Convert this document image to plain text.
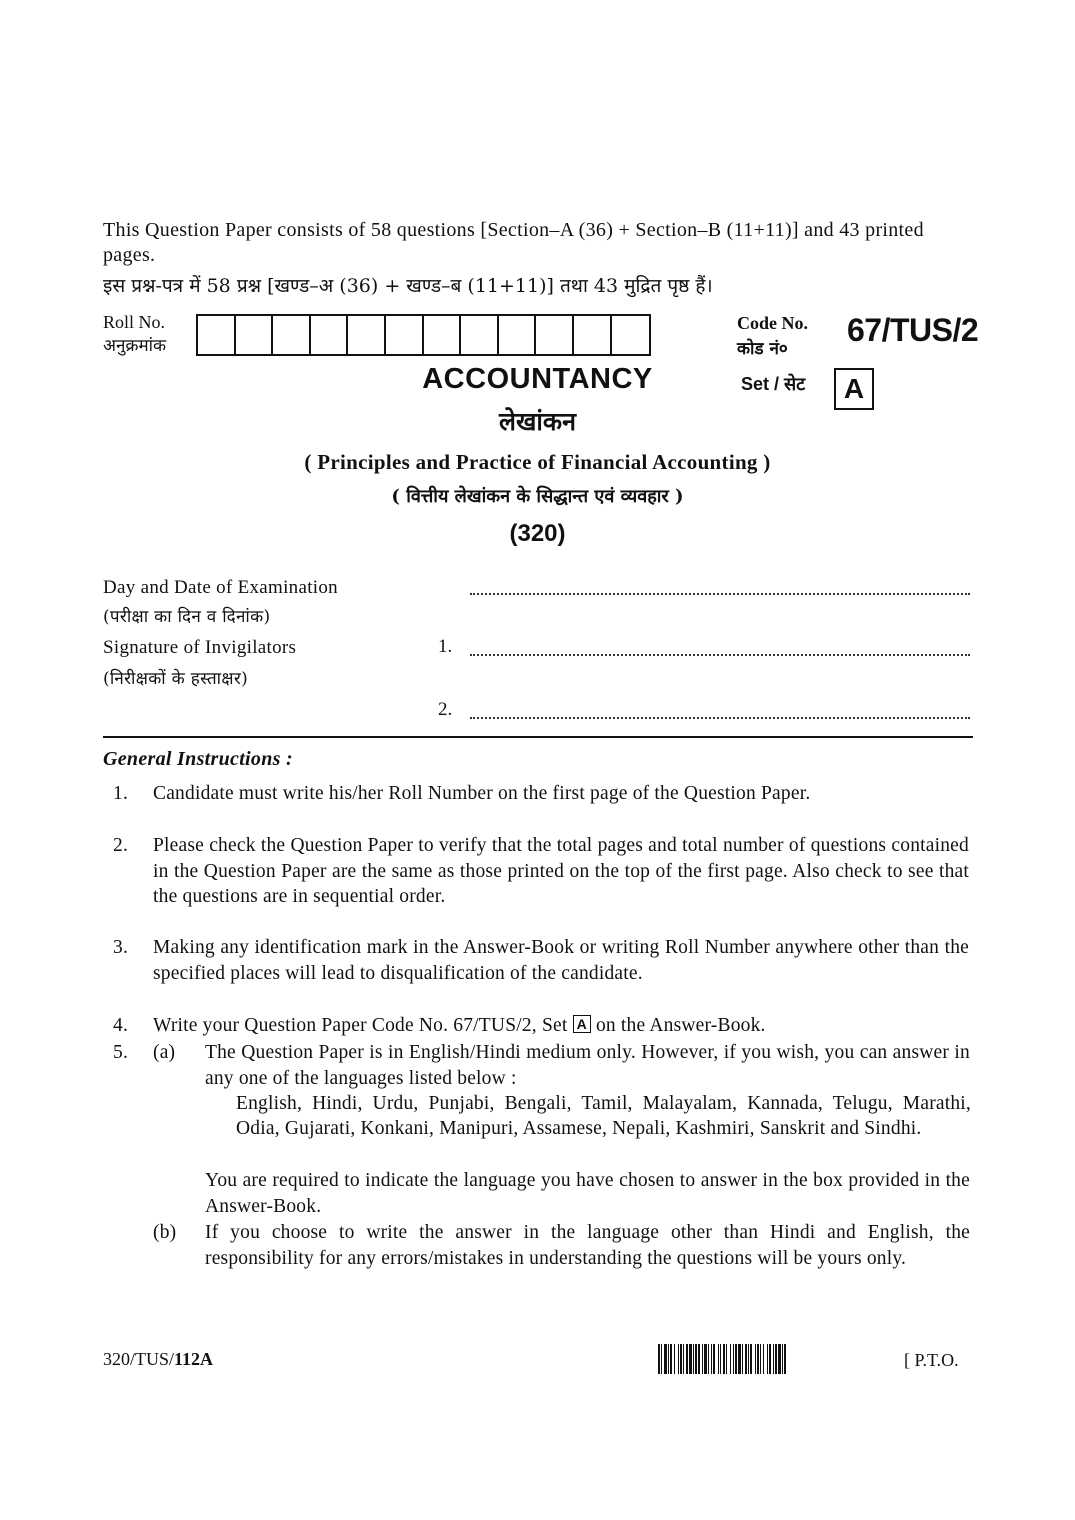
This Question Paper consists of 58 questions [Section–A (36) + Section–B (11+11)] and 43 printed pages.
इस प्रश्न-पत्र में 58 प्रश्न [खण्ड–अ (36) + खण्ड–ब (11+11)] तथा 43 मुद्रित पृष्ठ हैं।
Roll No.
अनुक्रमांक
Code No.
कोड नं०
67/TUS/2
Set / सेट	A
ACCOUNTANCY
लेखांकन
( Principles and Practice of Financial Accounting )
( वित्तीय लेखांकन के सिद्धान्त एवं व्यवहार )
(320)
Day and Date of Examination
(परीक्षा का दिन व दिनांक)
Signature of Invigilators
(निरीक्षकों के हस्ताक्षर)
1.
2.
General Instructions :
1. Candidate must write his/her Roll Number on the first page of the Question Paper.
2. Please check the Question Paper to verify that the total pages and total number of questions contained in the Question Paper are the same as those printed on the top of the first page. Also check to see that the questions are in sequential order.
3. Making any identification mark in the Answer-Book or writing Roll Number anywhere other than the specified places will lead to disqualification of the candidate.
4. Write your Question Paper Code No. 67/TUS/2, Set A on the Answer-Book.
5. (a) The Question Paper is in English/Hindi medium only. However, if you wish, you can answer in any one of the languages listed below :
English, Hindi, Urdu, Punjabi, Bengali, Tamil, Malayalam, Kannada, Telugu, Marathi, Odia, Gujarati, Konkani, Manipuri, Assamese, Nepali, Kashmiri, Sanskrit and Sindhi.
You are required to indicate the language you have chosen to answer in the box provided in the Answer-Book.
(b) If you choose to write the answer in the language other than Hindi and English, the responsibility for any errors/mistakes in understanding the questions will be yours only.
320/TUS/112A	[ P.T.O.
